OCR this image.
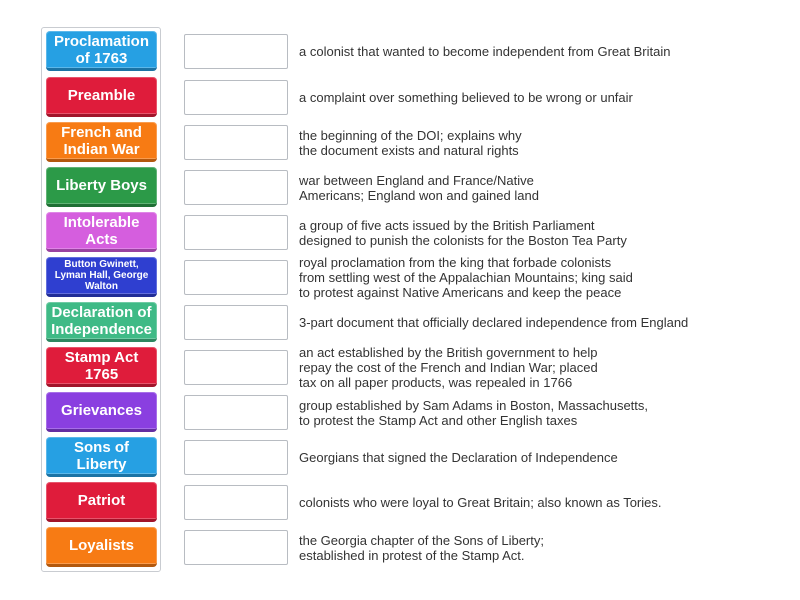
Proclamation of 1763
Preamble
French and Indian War
Liberty Boys
Intolerable Acts
Button Gwinett, Lyman Hall, George Walton
Declaration of Independence
Stamp Act 1765
Grievances
Sons of Liberty
Patriot
Loyalists
a colonist that wanted to become independent from Great Britain
a complaint over something believed to be wrong or unfair
the beginning of the DOI; explains why
the document exists and natural rights
war between England and France/Native
Americans; England won and gained land
a group of five acts issued by the British Parliament
designed to punish the colonists for the Boston Tea Party
royal proclamation from the king that forbade colonists
from settling west of the Appalachian Mountains; king said
to protest against Native Americans and keep the peace
3-part document that officially declared independence from England
an act established by the British government to help
repay the cost of the French and Indian War; placed
tax on all paper products, was repealed in 1766
group established by Sam Adams in Boston, Massachusetts,
to protest the Stamp Act and other English taxes
Georgians that signed the Declaration of Independence
colonists who were loyal to Great Britain; also known as Tories.
the Georgia chapter of the Sons of Liberty;
established in protest of the Stamp Act.
